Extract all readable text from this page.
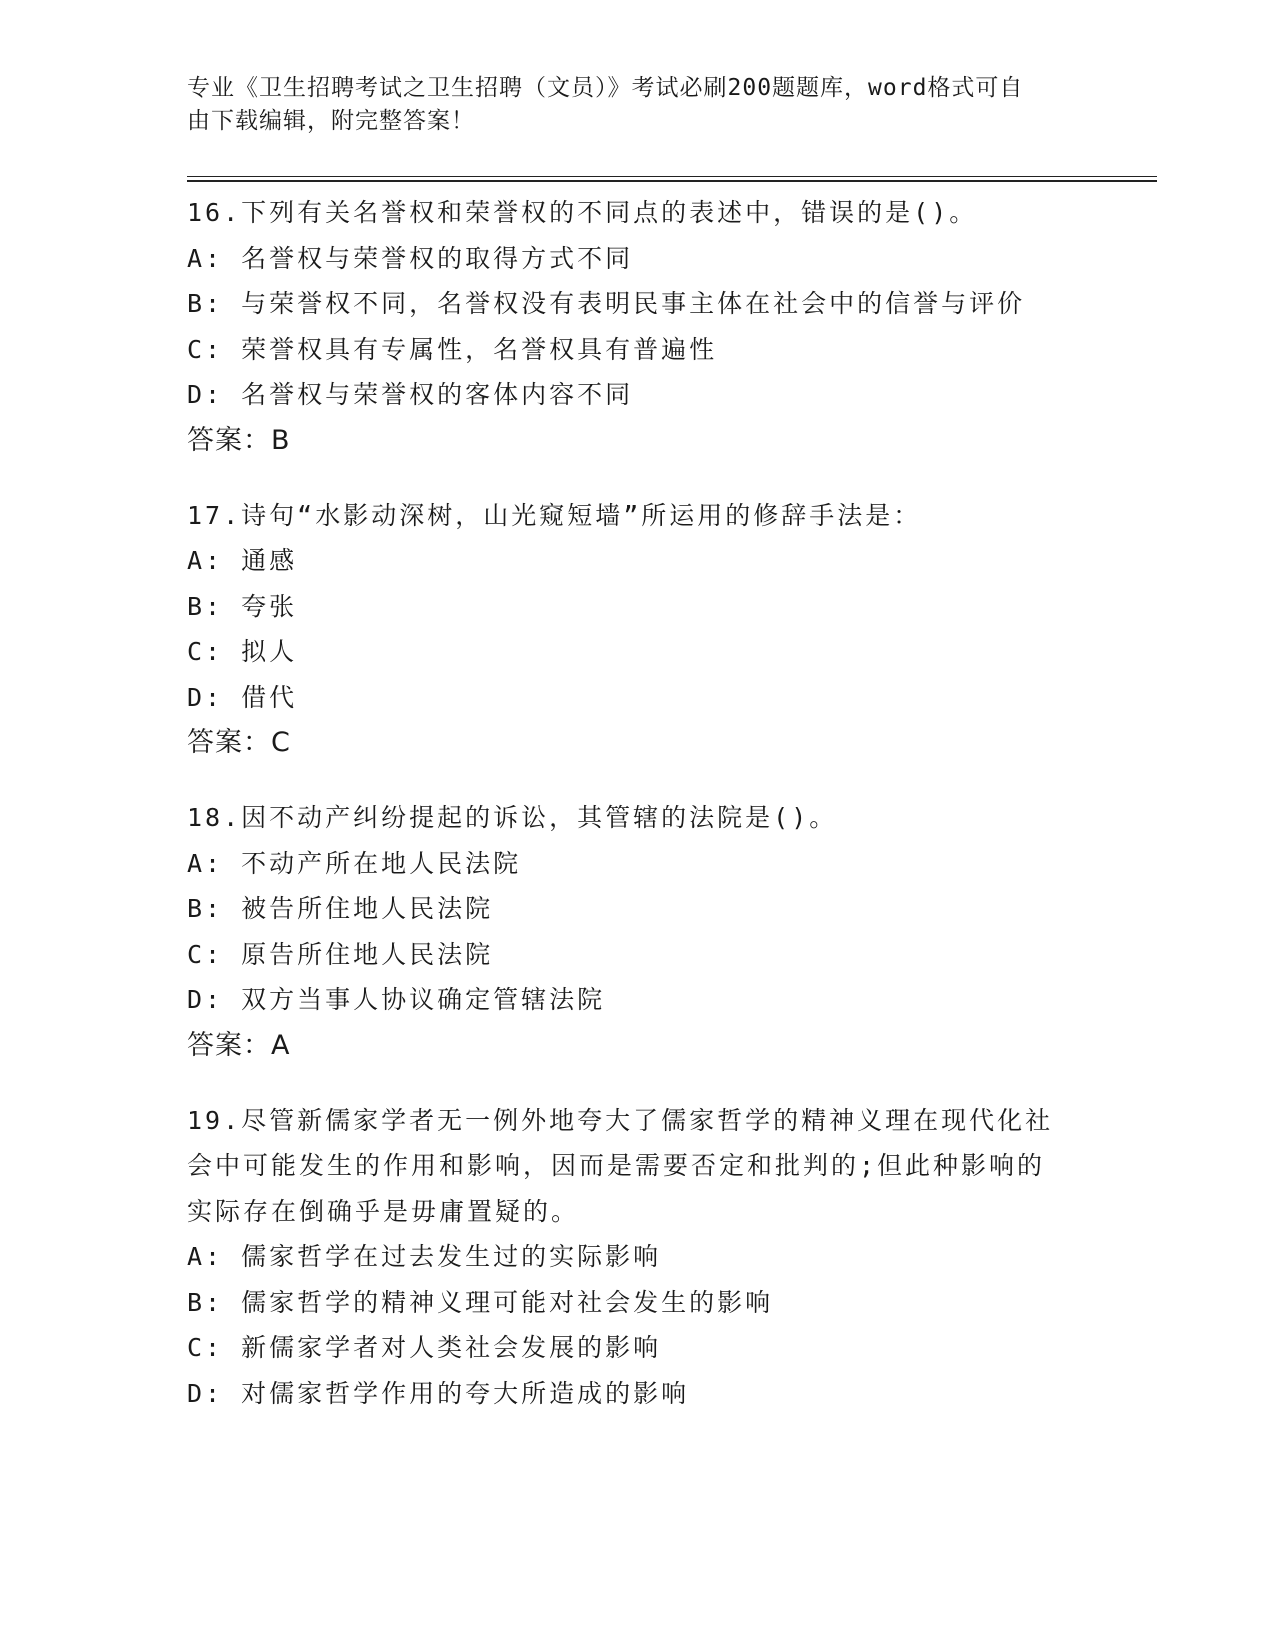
专业《卫生招聘考试之卫生招聘（文员）》考试必刷200题题库，word格式可自
由下载编辑，附完整答案！
16.下列有关名誉权和荣誉权的不同点的表述中，错误的是()。
A: 名誉权与荣誉权的取得方式不同
B: 与荣誉权不同，名誉权没有表明民事主体在社会中的信誉与评价
C: 荣誉权具有专属性，名誉权具有普遍性
D: 名誉权与荣誉权的客体内容不同
答案：B
17.诗句“水影动深树，山光窥短墙”所运用的修辞手法是：
A: 通感
B: 夸张
C: 拟人
D: 借代
答案：C
18.因不动产纠纷提起的诉讼，其管辖的法院是()。
A: 不动产所在地人民法院
B: 被告所住地人民法院
C: 原告所住地人民法院
D: 双方当事人协议确定管辖法院
答案：A
19.尽管新儒家学者无一例外地夸大了儒家哲学的精神义理在现代化社
会中可能发生的作用和影响，因而是需要否定和批判的;但此种影响的
实际存在倒确乎是毋庸置疑的。
A: 儒家哲学在过去发生过的实际影响
B: 儒家哲学的精神义理可能对社会发生的影响
C: 新儒家学者对人类社会发展的影响
D: 对儒家哲学作用的夸大所造成的影响
